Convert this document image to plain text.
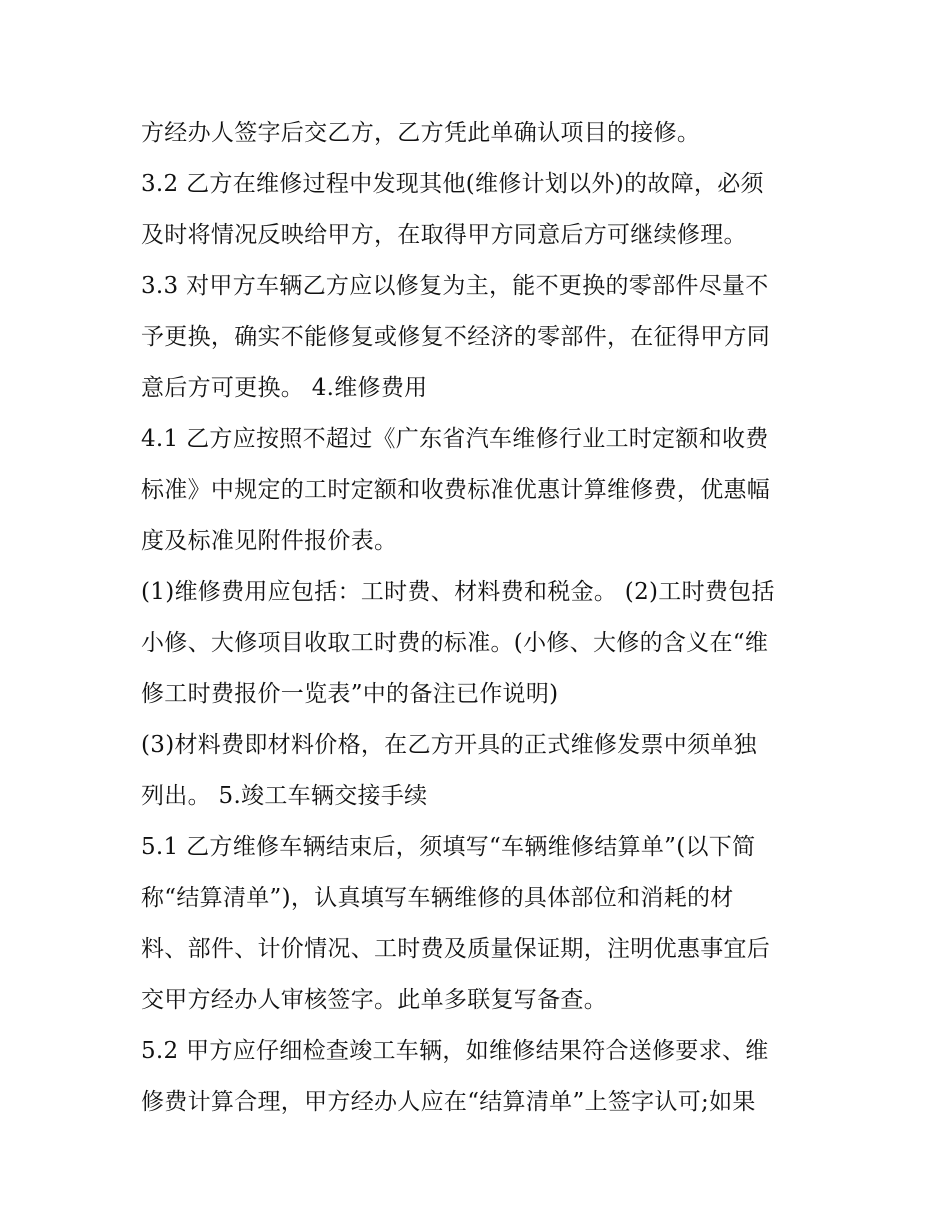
方经办人签字后交乙方，乙方凭此单确认项目的接修。
3.2 乙方在维修过程中发现其他(维修计划以外)的故障，必须
及时将情况反映给甲方，在取得甲方同意后方可继续修理。
3.3 对甲方车辆乙方应以修复为主，能不更换的零部件尽量不
予更换，确实不能修复或修复不经济的零部件，在征得甲方同
意后方可更换。 4.维修费用
4.1 乙方应按照不超过《广东省汽车维修行业工时定额和收费
标准》中规定的工时定额和收费标准优惠计算维修费，优惠幅
度及标准见附件报价表。
(1)维修费用应包括：工时费、材料费和税金。 (2)工时费包括
小修、大修项目收取工时费的标准。(小修、大修的含义在“维
修工时费报价一览表”中的备注已作说明)
(3)材料费即材料价格，在乙方开具的正式维修发票中须单独
列出。 5.竣工车辆交接手续
5.1 乙方维修车辆结束后，须填写“车辆维修结算单”(以下简
称“结算清单”)，认真填写车辆维修的具体部位和消耗的材
料、部件、计价情况、工时费及质量保证期，注明优惠事宜后
交甲方经办人审核签字。此单多联复写备查。
5.2 甲方应仔细检查竣工车辆，如维修结果符合送修要求、维
修费计算合理，甲方经办人应在“结算清单”上签字认可;如果
